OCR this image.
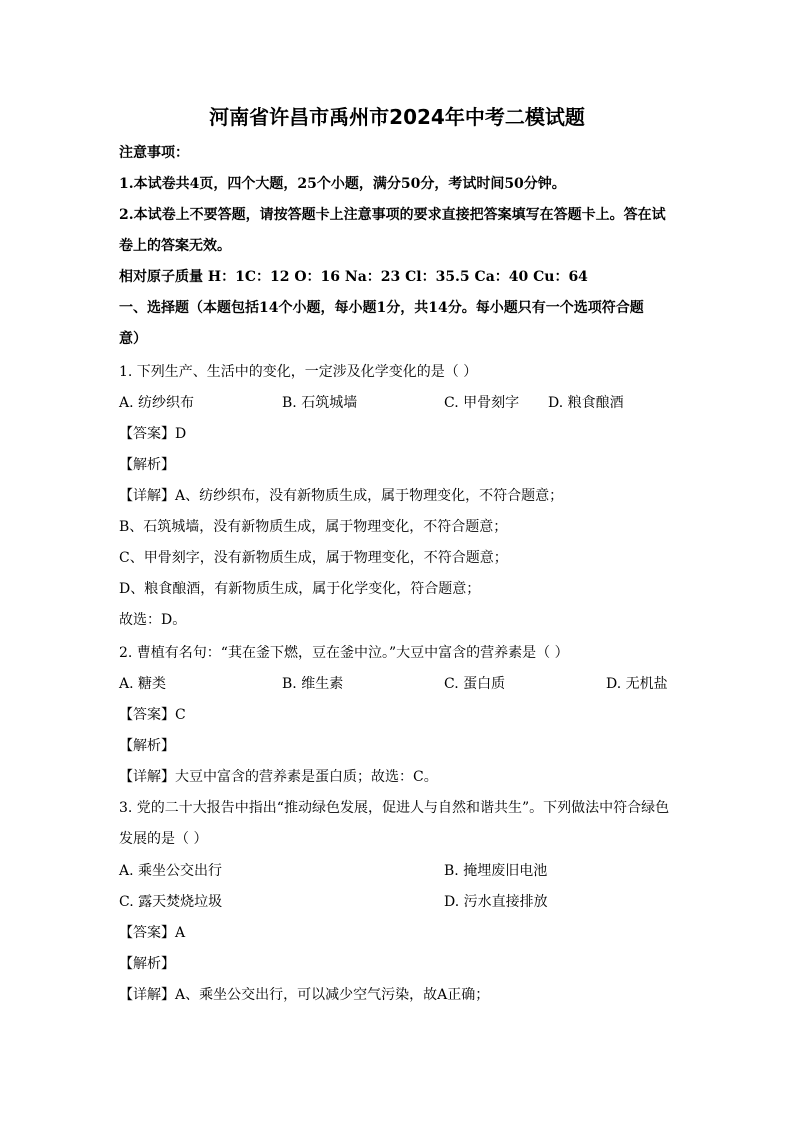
河南省许昌市禹州市2024年中考二模试题
注意事项：
1.本试卷共4页，四个大题，25个小题，满分50分，考试时间50分钟。
2.本试卷上不要答题，请按答题卡上注意事项的要求直接把答案填写在答题卡上。答在试
卷上的答案无效。
相对原子质量 H：1C：12 O：16 Na：23 Cl：35.5 Ca：40 Cu：64
一、选择题（本题包括14个小题，每小题1分，共14分。每小题只有一个选项符合题
意）
1. 下列生产、生活中的变化，一定涉及化学变化的是（ ）
A. 纺纱织布	B. 石筑城墙	C. 甲骨刻字 D. 粮食酿酒
【答案】D
【解析】
【详解】A、纺纱织布，没有新物质生成，属于物理变化，不符合题意；
B、石筑城墙，没有新物质生成，属于物理变化，不符合题意；
C、甲骨刻字，没有新物质生成，属于物理变化，不符合题意；
D、粮食酿酒，有新物质生成，属于化学变化，符合题意；
故选：D。
2. 曹植有名句：“萁在釜下燃，豆在釜中泣。”大豆中富含的营养素是（ ）
A. 糖类	B. 维生素	C. 蛋白质	D. 无机盐
【答案】C
【解析】
【详解】大豆中富含的营养素是蛋白质；故选：C。
3. 党的二十大报告中指出“推动绿色发展，促进人与自然和谐共生”。下列做法中符合绿色
发展的是（ ）
A. 乘坐公交出行	B. 掩埋废旧电池
C. 露天焚烧垃圾	D. 污水直接排放
【答案】A
【解析】
【详解】A、乘坐公交出行，可以减少空气污染，故A正确；
